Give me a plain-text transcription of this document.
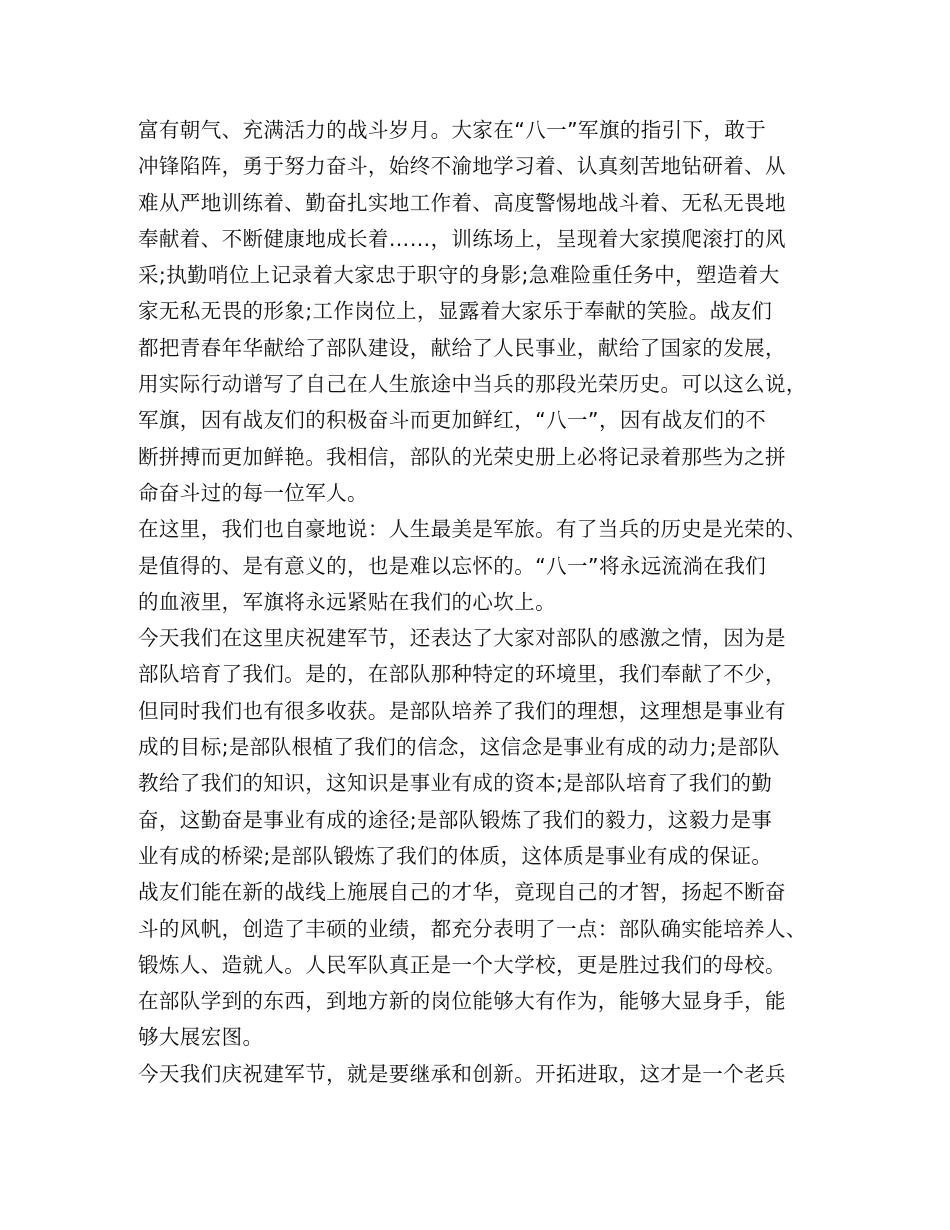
富有朝气、充满活力的战斗岁月。大家在“八一”军旗的指引下，敢于
冲锋陷阵，勇于努力奋斗，始终不渝地学习着、认真刻苦地钻研着、从
难从严地训练着、勤奋扎实地工作着、高度警惕地战斗着、无私无畏地
奉献着、不断健康地成长着……，训练场上，呈现着大家摸爬滚打的风
采;执勤哨位上记录着大家忠于职守的身影;急难险重任务中，塑造着大
家无私无畏的形象;工作岗位上，显露着大家乐于奉献的笑脸。战友们
都把青春年华献给了部队建设，献给了人民事业，献给了国家的发展，
用实际行动谱写了自己在人生旅途中当兵的那段光荣历史。可以这么说，
军旗，因有战友们的积极奋斗而更加鲜红，“八一”，因有战友们的不
断拼搏而更加鲜艳。我相信，部队的光荣史册上必将记录着那些为之拼
命奋斗过的每一位军人。
在这里，我们也自豪地说：人生最美是军旅。有了当兵的历史是光荣的、
是值得的、是有意义的，也是难以忘怀的。“八一”将永远流淌在我们
的血液里，军旗将永远紧贴在我们的心坎上。
今天我们在这里庆祝建军节，还表达了大家对部队的感激之情，因为是
部队培育了我们。是的，在部队那种特定的环境里，我们奉献了不少，
但同时我们也有很多收获。是部队培养了我们的理想，这理想是事业有
成的目标;是部队根植了我们的信念，这信念是事业有成的动力;是部队
教给了我们的知识，这知识是事业有成的资本;是部队培育了我们的勤
奋，这勤奋是事业有成的途径;是部队锻炼了我们的毅力，这毅力是事
业有成的桥梁;是部队锻炼了我们的体质，这体质是事业有成的保证。
战友们能在新的战线上施展自己的才华，竟现自己的才智，扬起不断奋
斗的风帆，创造了丰硕的业绩，都充分表明了一点：部队确实能培养人、
锻炼人、造就人。人民军队真正是一个大学校，更是胜过我们的母校。
在部队学到的东西，到地方新的岗位能够大有作为，能够大显身手，能
够大展宏图。
今天我们庆祝建军节，就是要继承和创新。开拓进取，这才是一个老兵
